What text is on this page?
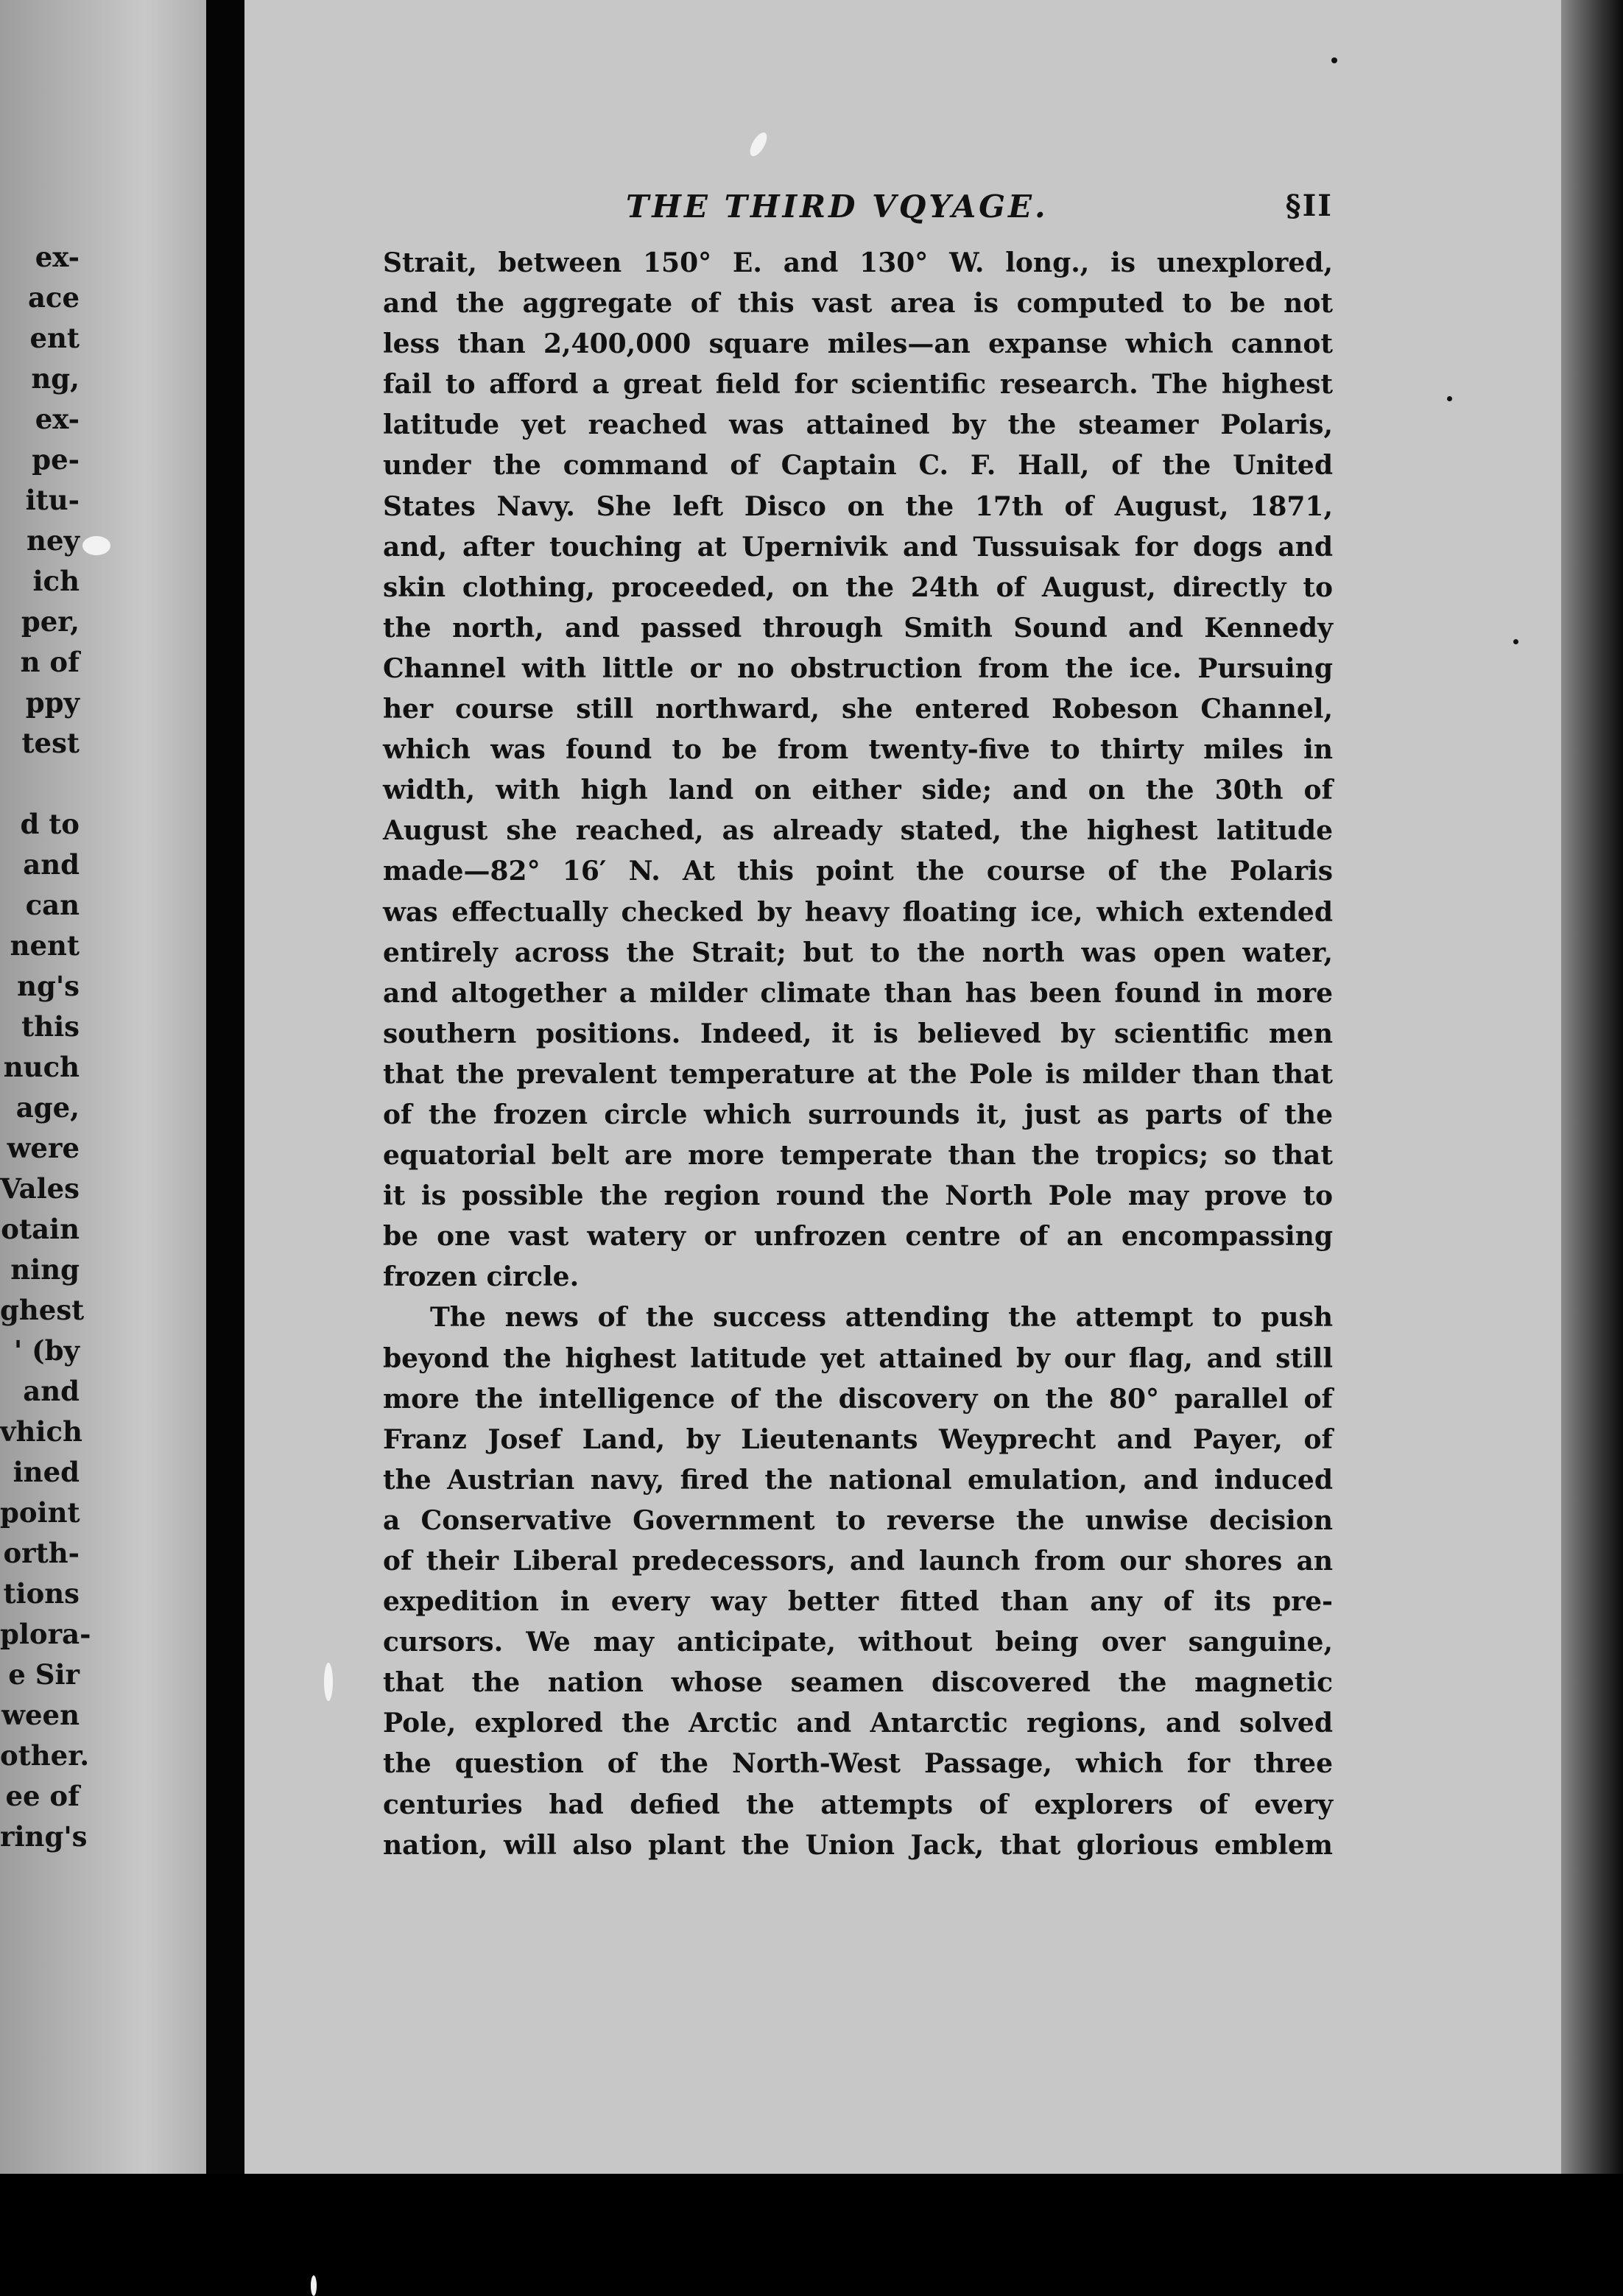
ex-
ace
ent
ng,
ex-
pe-
itu-
ney
ich
per,
n of
ppy
test
d to
and
can
nent
ng's
this
nuch
age,
were
Vales
otain
ning
ghest
' (by
and
vhich
ined
point
orth-
tions
plora-
e Sir
ween
other.
ee of
ring's
THE THIRD VQYAGE.	§II
Strait, between 150° E. and 130° W. long., is unexplored,
and the aggregate of this vast area is computed to be not
less than 2,400,000 square miles—an expanse which cannot
fail to afford a great field for scientific research. The highest
latitude yet reached was attained by the steamer Polaris,
under the command of Captain C. F. Hall, of the United
States Navy. She left Disco on the 17th of August, 1871,
and, after touching at Upernivik and Tussuisak for dogs and
skin clothing, proceeded, on the 24th of August, directly to
the north, and passed through Smith Sound and Kennedy
Channel with little or no obstruction from the ice. Pursuing
her course still northward, she entered Robeson Channel,
which was found to be from twenty-five to thirty miles in
width, with high land on either side; and on the 30th of
August she reached, as already stated, the highest latitude
made—82° 16′ N. At this point the course of the Polaris
was effectually checked by heavy floating ice, which extended
entirely across the Strait; but to the north was open water,
and altogether a milder climate than has been found in more
southern positions. Indeed, it is believed by scientific men
that the prevalent temperature at the Pole is milder than that
of the frozen circle which surrounds it, just as parts of the
equatorial belt are more temperate than the tropics; so that
it is possible the region round the North Pole may prove to
be one vast watery or unfrozen centre of an encompassing
frozen circle.
The news of the success attending the attempt to push
beyond the highest latitude yet attained by our flag, and still
more the intelligence of the discovery on the 80° parallel of
Franz Josef Land, by Lieutenants Weyprecht and Payer, of
the Austrian navy, fired the national emulation, and induced
a Conservative Government to reverse the unwise decision
of their Liberal predecessors, and launch from our shores an
expedition in every way better fitted than any of its pre-
cursors. We may anticipate, without being over sanguine,
that the nation whose seamen discovered the magnetic
Pole, explored the Arctic and Antarctic regions, and solved
the question of the North-West Passage, which for three
centuries had defied the attempts of explorers of every
nation, will also plant the Union Jack, that glorious emblem
